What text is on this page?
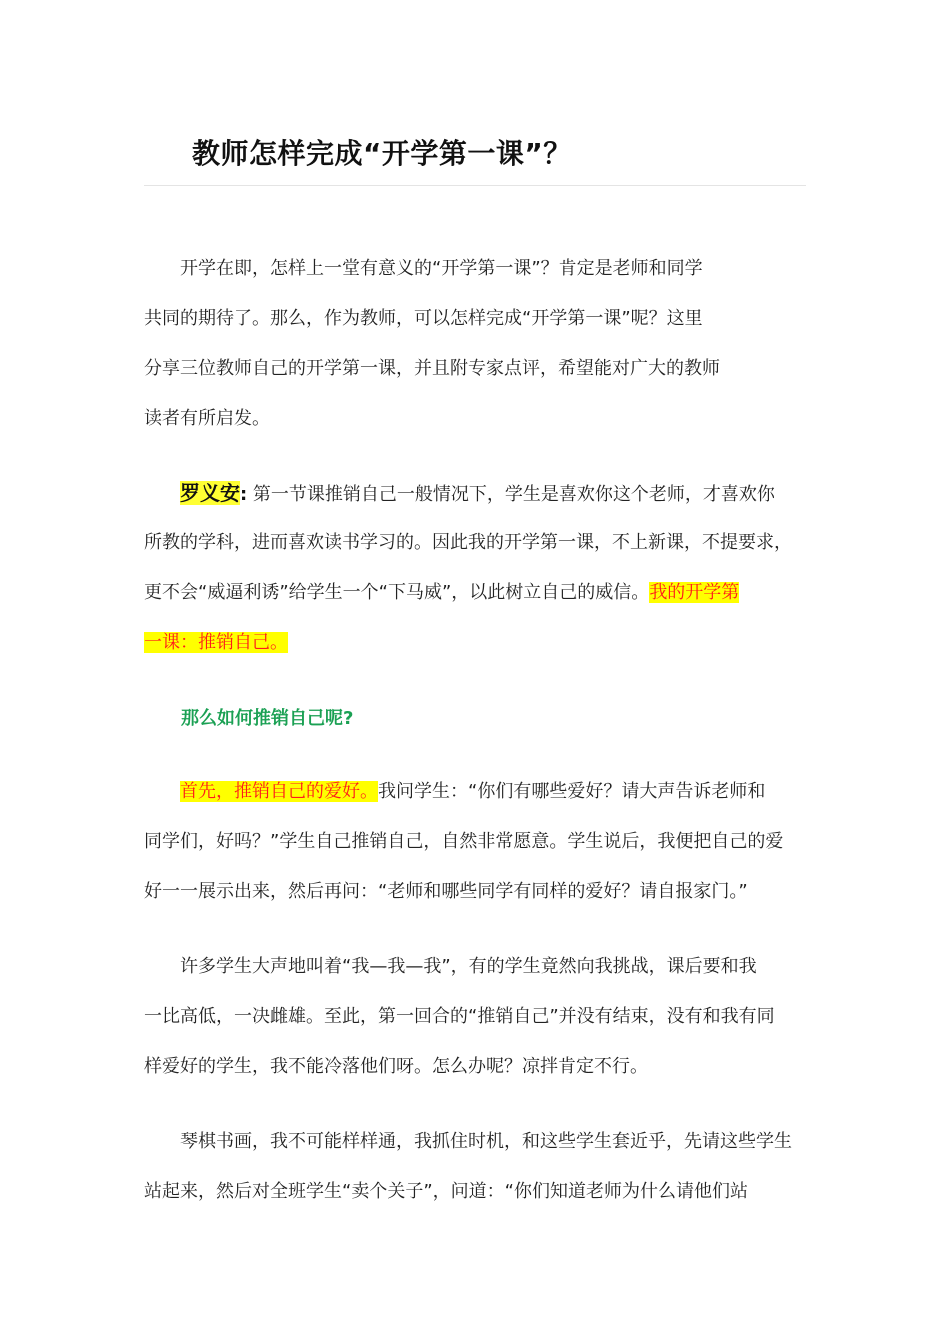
教师怎样完成“开学第一课”？
开学在即，怎样上一堂有意义的“开学第一课”？肯定是老师和同学
共同的期待了。那么，作为教师，可以怎样完成“开学第一课”呢？这里
分享三位教师自己的开学第一课，并且附专家点评，希望能对广大的教师
读者有所启发。
罗义安: 第一节课推销自己一般情况下，学生是喜欢你这个老师，才喜欢你
所教的学科，进而喜欢读书学习的。因此我的开学第一课，不上新课，不提要求，
更不会“威逼利诱”给学生一个“下马威”，以此树立自己的威信。我的开学第
一课：推销自己。
那么如何推销自己呢?
首先，推销自己的爱好。我问学生：“你们有哪些爱好？请大声告诉老师和
同学们，好吗？”学生自己推销自己，自然非常愿意。学生说后，我便把自己的爱
好一一展示出来，然后再问：“老师和哪些同学有同样的爱好？请自报家门。”
许多学生大声地叫着“我—我—我”，有的学生竟然向我挑战，课后要和我
一比高低，一决雌雄。至此，第一回合的“推销自己”并没有结束，没有和我有同
样爱好的学生，我不能冷落他们呀。怎么办呢？凉拌肯定不行。
琴棋书画，我不可能样样通，我抓住时机，和这些学生套近乎，先请这些学生
站起来，然后对全班学生“卖个关子”，问道：“你们知道老师为什么请他们站
